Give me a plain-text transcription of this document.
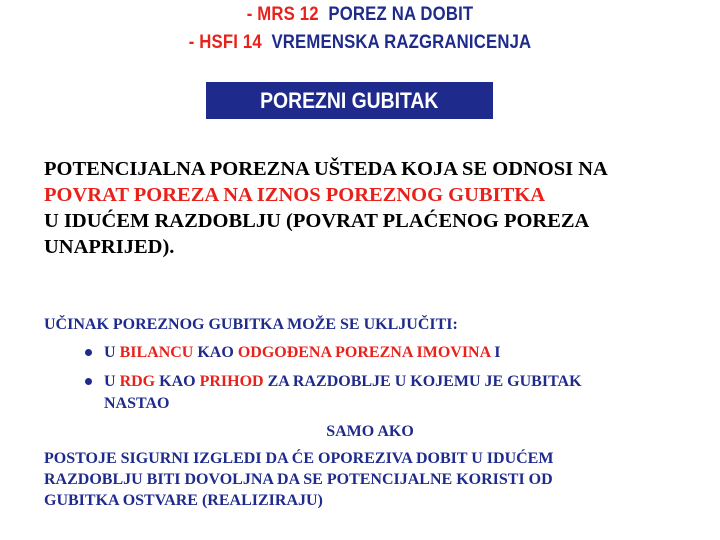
- MRS 12 POREZ NA DOBIT
- HSFI 14 VREMENSKA RAZGRANICENJA
POREZNI GUBITAK
POTENCIJALNA POREZNA UŠTEDA KOJA SE ODNOSI NA
POVRAT POREZA NA IZNOS POREZNOG GUBITKA
U IDUĆEM RAZDOBLJU (POVRAT PLAĆENOG POREZA
UNAPRIJED).
UČINAK POREZNOG GUBITKA MOŽE SE UKLJUČITI:
U BILANCU KAO ODGOĐENA POREZNA IMOVINA I
U RDG KAO PRIHOD ZA RAZDOBLJE U KOJEMU JE GUBITAK
NASTAO
SAMO AKO
POSTOJE SIGURNI IZGLEDI DA ĆE OPOREZIVA DOBIT U IDUĆEM
RAZDOBLJU BITI DOVOLJNA DA SE POTENCIJALNE KORISTI OD
GUBITKA OSTVARE (REALIZIRAJU)
